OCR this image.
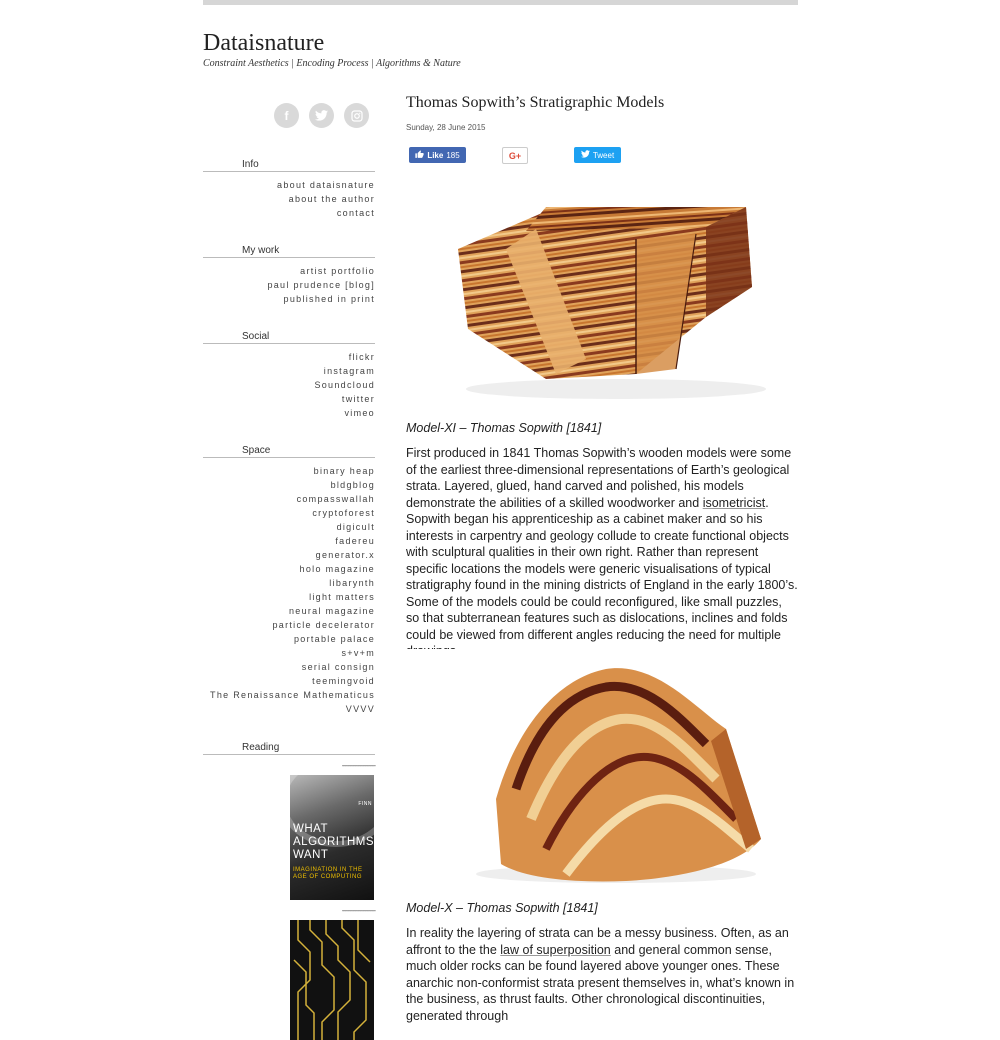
Dataisnature
Constraint Aesthetics | Encoding Process | Algorithms & Nature
f
Info
about dataisnature
about the author
contact
My work
artist portfolio
paul prudence [blog]
published in print
Social
flickr
instagram
Soundcloud
twitter
vimeo
Space
binary heap
bldgblog
compasswallah
cryptoforest
digicult
fadereu
generator.x
holo magazine
libarynth
light matters
neural magazine
particle decelerator
portable palace
s+v+m
serial consign
teemingvoid
The Renaissance Mathematicus
VVVV
Reading
--------------------
FINN
WHAT ALGORITHMS WANT
IMAGINATION IN THE AGE OF COMPUTING
--------------------
Thomas Sopwith’s Stratigraphic Models
Sunday, 28 June 2015
Like 185	G+	Tweet
Model-XI – Thomas Sopwith [1841]

First produced in 1841 Thomas Sopwith’s wooden models were some of the earliest three-dimensional representations of Earth’s geological strata. Layered, glued, hand carved and polished, his models demonstrate the abilities of a skilled woodworker and isometricist. Sopwith began his apprenticeship as a cabinet maker and so his interests in carpentry and geology collude to create functional objects with sculptural qualities in their own right. Rather than represent specific locations the models were generic visualisations of typical stratigraphy found in the mining districts of England in the early 1800’s. Some of the models could be could reconfigured, like small puzzles, so that subterranean features such as dislocations, inclines and folds could be viewed from different angles reducing the need for multiple

Model-X – Thomas Sopwith [1841]

In reality the layering of strata can be a messy business. Often, as an affront to the the law of superposition and general common sense, much older rocks can be found layered above younger ones. These anarchic non-conformist strata present themselves in, what’s known in the business, as thrust faults. Other chronological discontinuities, generated through
